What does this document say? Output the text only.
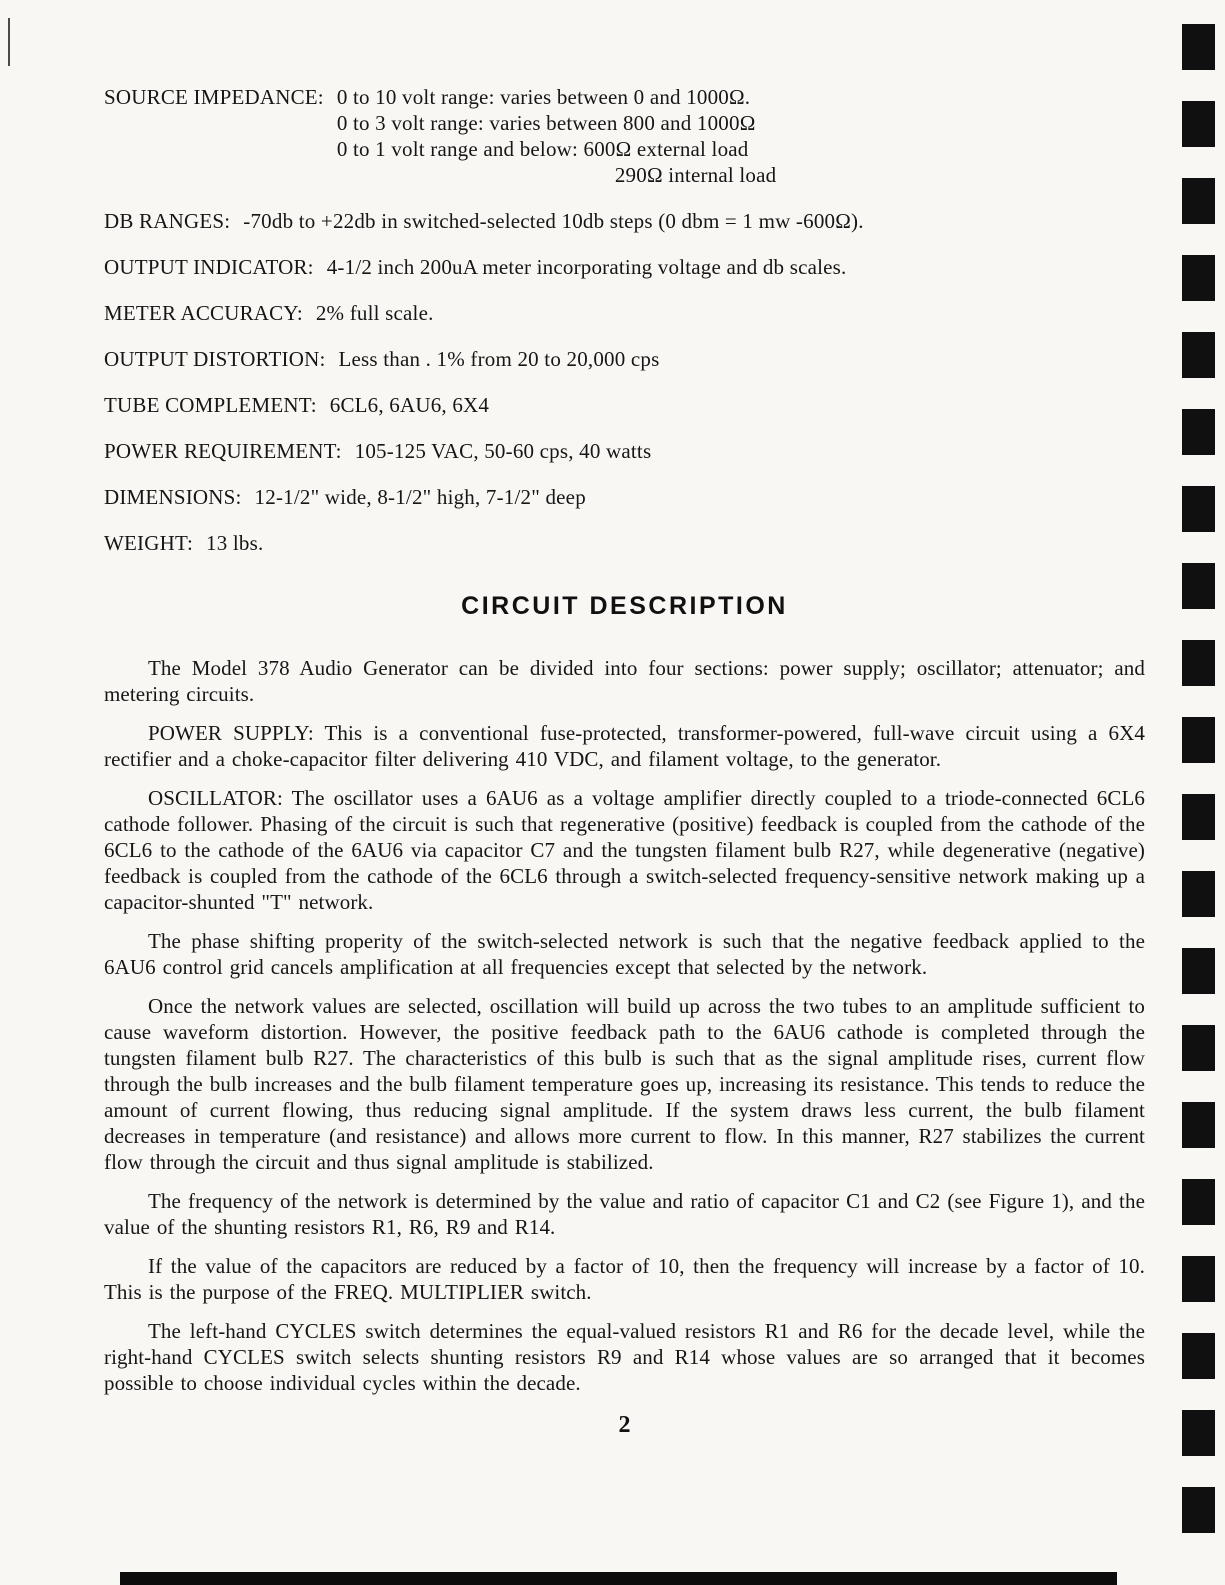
SOURCE IMPEDANCE: 0 to 10 volt range: varies between 0 and 1000Ω.
0 to 3 volt range: varies between 800 and 1000Ω
0 to 1 volt range and below: 600Ω external load
290Ω internal load
DB RANGES: -70db to +22db in switched-selected 10db steps (0 dbm = 1 mw -600Ω).
OUTPUT INDICATOR: 4-1/2 inch 200uA meter incorporating voltage and db scales.
METER ACCURACY: 2% full scale.
OUTPUT DISTORTION: Less than . 1% from 20 to 20,000 cps
TUBE COMPLEMENT: 6CL6, 6AU6, 6X4
POWER REQUIREMENT: 105-125 VAC, 50-60 cps, 40 watts
DIMENSIONS: 12-1/2" wide, 8-1/2" high, 7-1/2" deep
WEIGHT: 13 lbs.
CIRCUIT DESCRIPTION

The Model 378 Audio Generator can be divided into four sections: power supply; oscillator; attenuator; and metering circuits.

POWER SUPPLY: This is a conventional fuse-protected, transformer-powered, full-wave circuit using a 6X4 rectifier and a choke-capacitor filter delivering 410 VDC, and filament voltage, to the generator.

OSCILLATOR: The oscillator uses a 6AU6 as a voltage amplifier directly coupled to a triode-connected 6CL6 cathode follower. Phasing of the circuit is such that regenerative (positive) feedback is coupled from the cathode of the 6CL6 to the cathode of the 6AU6 via capacitor C7 and the tungsten filament bulb R27, while degenerative (negative) feedback is coupled from the cathode of the 6CL6 through a switch-selected frequency-sensitive network making up a capacitor-shunted "T" network.

The phase shifting properity of the switch-selected network is such that the negative feedback applied to the 6AU6 control grid cancels amplification at all frequencies except that selected by the network.

Once the network values are selected, oscillation will build up across the two tubes to an amplitude sufficient to cause waveform distortion. However, the positive feedback path to the 6AU6 cathode is completed through the tungsten filament bulb R27. The characteristics of this bulb is such that as the signal amplitude rises, current flow through the bulb increases and the bulb filament temperature goes up, increasing its resistance. This tends to reduce the amount of current flowing, thus reducing signal amplitude. If the system draws less current, the bulb filament decreases in temperature (and resistance) and allows more current to flow. In this manner, R27 stabilizes the current flow through the circuit and thus signal amplitude is stabilized.

The frequency of the network is determined by the value and ratio of capacitor C1 and C2 (see Figure 1), and the value of the shunting resistors R1, R6, R9 and R14.

If the value of the capacitors are reduced by a factor of 10, then the frequency will increase by a factor of 10. This is the purpose of the FREQ. MULTIPLIER switch.

The left-hand CYCLES switch determines the equal-valued resistors R1 and R6 for the decade level, while the right-hand CYCLES switch selects shunting resistors R9 and R14 whose values are so arranged that it becomes possible to choose individual cycles within the decade.

2
